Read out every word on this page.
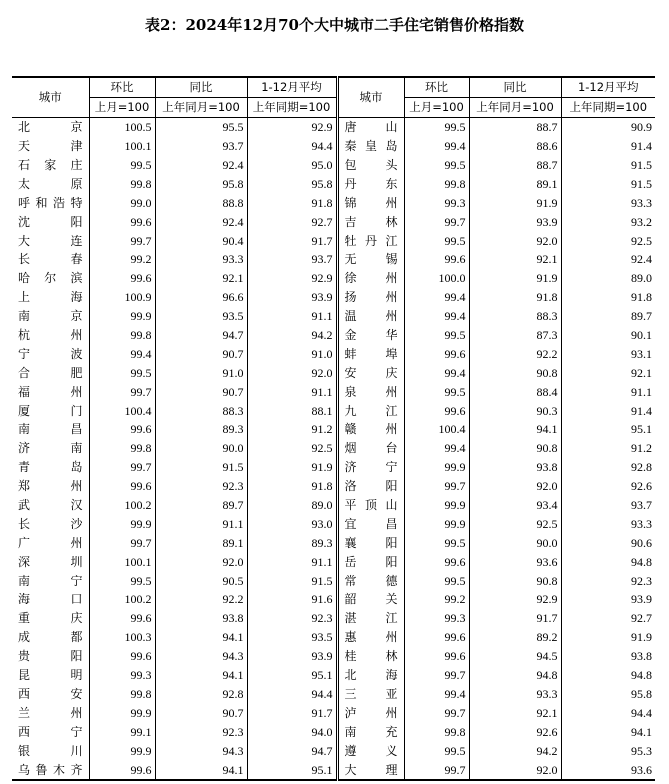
表2：2024年12月70个大中城市二手住宅销售价格指数
城市	环比	同比	1-12月平均	城市	环比	同比	1-12月平均
	上月=100	上年同月=100	上年同期=100		上月=100	上年同月=100	上年同期=100

北京	100.5	95.5	92.9	唐山	99.5	88.7	90.9

天津	100.1	93.7	94.4	秦皇岛	99.4	88.6	91.4

石家庄	99.5	92.4	95.0	包头	99.5	88.7	91.5

太原	99.8	95.8	95.8	丹东	99.8	89.1	91.5

呼和浩特	99.0	88.8	91.8	锦州	99.3	91.9	93.3

沈阳	99.6	92.4	92.7	吉林	99.7	93.9	93.2

大连	99.7	90.4	91.7	牡丹江	99.5	92.0	92.5

长春	99.2	93.3	93.7	无锡	99.6	92.1	92.4

哈尔滨	99.6	92.1	92.9	徐州	100.0	91.9	89.0

上海	100.9	96.6	93.9	扬州	99.4	91.8	91.8

南京	99.9	93.5	91.1	温州	99.4	88.3	89.7

杭州	99.8	94.7	94.2	金华	99.5	87.3	90.1

宁波	99.4	90.7	91.0	蚌埠	99.6	92.2	93.1

合肥	99.5	91.0	92.0	安庆	99.4	90.8	92.1

福州	99.7	90.7	91.1	泉州	99.5	88.4	91.1

厦门	100.4	88.3	88.1	九江	99.6	90.3	91.4

南昌	99.6	89.3	91.2	赣州	100.4	94.1	95.1

济南	99.8	90.0	92.5	烟台	99.4	90.8	91.2

青岛	99.7	91.5	91.9	济宁	99.9	93.8	92.8

郑州	99.6	92.3	91.8	洛阳	99.7	92.0	92.6

武汉	100.2	89.7	89.0	平顶山	99.9	93.4	93.7

长沙	99.9	91.1	93.0	宜昌	99.9	92.5	93.3

广州	99.7	89.1	89.3	襄阳	99.5	90.0	90.6

深圳	100.1	92.0	91.1	岳阳	99.6	93.6	94.8

南宁	99.5	90.5	91.5	常德	99.5	90.8	92.3

海口	100.2	92.2	91.6	韶关	99.2	92.9	93.9

重庆	99.6	93.8	92.3	湛江	99.3	91.7	92.7

成都	100.3	94.1	93.5	惠州	99.6	89.2	91.9

贵阳	99.6	94.3	93.9	桂林	99.6	94.5	93.8

昆明	99.3	94.1	95.1	北海	99.7	94.8	94.8

西安	99.8	92.8	94.4	三亚	99.4	93.3	95.8

兰州	99.9	90.7	91.7	泸州	99.7	92.1	94.4

西宁	99.1	92.3	94.0	南充	99.8	92.6	94.1

银川	99.9	94.3	94.7	遵义	99.5	94.2	95.3

乌鲁木齐	99.6	94.1	95.1	大理	99.7	92.0	93.6
